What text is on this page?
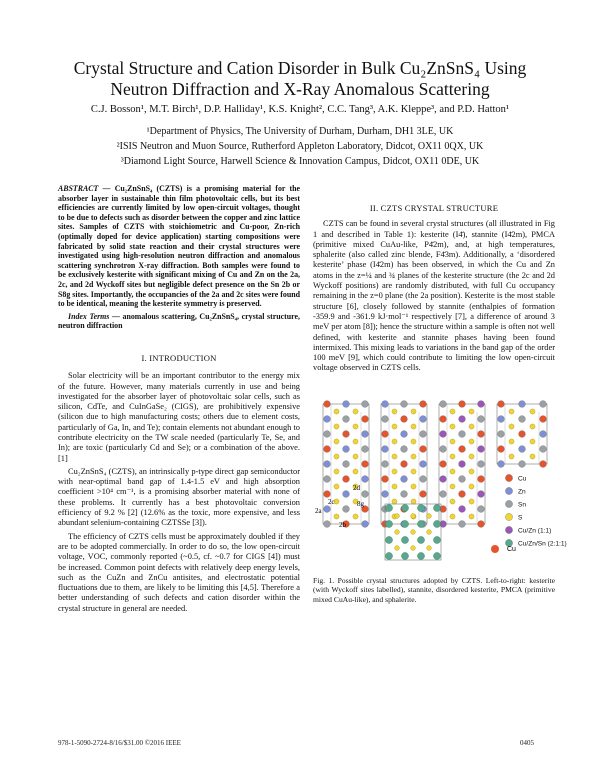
Crystal Structure and Cation Disorder in Bulk Cu₂ZnSnS₄ Using
Neutron Diffraction and X-Ray Anomalous Scattering
C.J. Bosson¹, M.T. Birch¹, D.P. Halliday¹, K.S. Knight², C.C. Tang³, A.K. Kleppe³, and P.D. Hatton¹
¹Department of Physics, The University of Durham, Durham, DH1 3LE, UK
²ISIS Neutron and Muon Source, Rutherford Appleton Laboratory, Didcot, OX11 0QX, UK
³Diamond Light Source, Harwell Science & Innovation Campus, Didcot, OX11 0DE, UK
ABSTRACT — Cu₂ZnSnS₄ (CZTS) is a promising material for the absorber layer in sustainable thin film photovoltaic cells, but its best efficiencies are currently limited by low open-circuit voltages, thought to be due to defects such as disorder between the copper and zinc lattice sites. Samples of CZTS with stoichiometric and Cu-poor, Zn-rich (optimally doped for device application) starting compositions were fabricated by solid state reaction and their crystal structures were investigated using high-resolution neutron diffraction and anomalous scattering synchrotron X-ray diffraction. Both samples were found to be exclusively kesterite with significant mixing of Cu and Zn on the 2a, 2c, and 2d Wyckoff sites but negligible defect presence on the Sn 2b or S8g sites. Importantly, the occupancies of the 2a and 2c sites were found to be identical, meaning the kesterite symmetry is preserved.
Index Terms — anomalous scattering, Cu₂ZnSnS₄, crystal structure, neutron diffraction
I. INTRODUCTION

Solar electricity will be an important contributor to the energy mix of the future. However, many materials currently in use and being investigated for the absorber layer of photovoltaic solar cells, such as silicon, CdTe, and CuInGaSe₂ (CIGS), are prohibitively expensive (silicon due to high manufacturing costs; others due to element costs, particularly of Ga, In, and Te); contain elements not abundant enough to contribute electricity on the TW scale needed (particularly Te, Se, and In); are toxic (particularly Cd and Se); or a combination of the above. [1]

Cu₂ZnSnS₄ (CZTS), an intrinsically p-type direct gap semiconductor with near-optimal band gap of 1.4-1.5 eV and high absorption coefficient >10⁴ cm⁻¹, is a promising absorber material with none of these problems. It currently has a best photovoltaic conversion efficiency of 9.2 % [2] (12.6% as the toxic, more expensive, and less abundant selenium-containing CZTSSe [3]).

The efficiency of CZTS cells must be approximately doubled if they are to be adopted commercially. In order to do so, the low open-circuit voltage, VOC, commonly reported (~0.5, cf. ~0.7 for CIGS [4]) must be increased. Common point defects with relatively deep energy levels, such as the CuZn and ZnCu antisites, and electrostatic potential fluctuations due to them, are likely to be limiting this [4,5]. Therefore a better understanding of such defects and cation disorder within the crystal structure in general are needed.

II. CZTS CRYSTAL STRUCTURE

CZTS can be found in several crystal structures (all illustrated in Fig 1 and described in Table 1): kesterite (I4̄), stannite (I4̄2m), PMCA (primitive mixed CuAu-like, P4̄2m), and, at high temperatures, sphalerite (also called zinc blende, F4̄3m). Additionally, a ‘disordered kesterite’ phase (I4̄2m) has been observed, in which the Cu and Zn atoms in the z=¼ and ¾ planes of the kesterite structure (the 2c and 2d Wyckoff positions) are randomly distributed, with full Cu occupancy remaining in the z=0 plane (the 2a position). Kesterite is the most stable structure [6], closely followed by stannite (enthalpies of formation -359.9 and -361.9 kJ·mol⁻¹ respectively [7], a difference of around 3 meV per atom [8]); hence the structure within a sample is often not well defined, with kesterite and stannite phases having been found intermixed. This mixing leads to variations in the band gap of the order 100 meV [9], which could contribute to limiting the low open-circuit voltage observed in CZTS cells.

Cu
Zn
Sn
S
Cu/Zn (1:1)
Cu/Zn/Sn (2:1:1)
2d
2a
2c	8g
2b
Cu
Fig. 1. Possible crystal structures adopted by CZTS. Left-to-right: kesterite (with Wyckoff sites labelled), stannite, disordered kesterite, PMCA (primitive mixed CuAu-like), and sphalerite.
978-1-5090-2724-8/16/$31.00 ©2016 IEEE	0405
